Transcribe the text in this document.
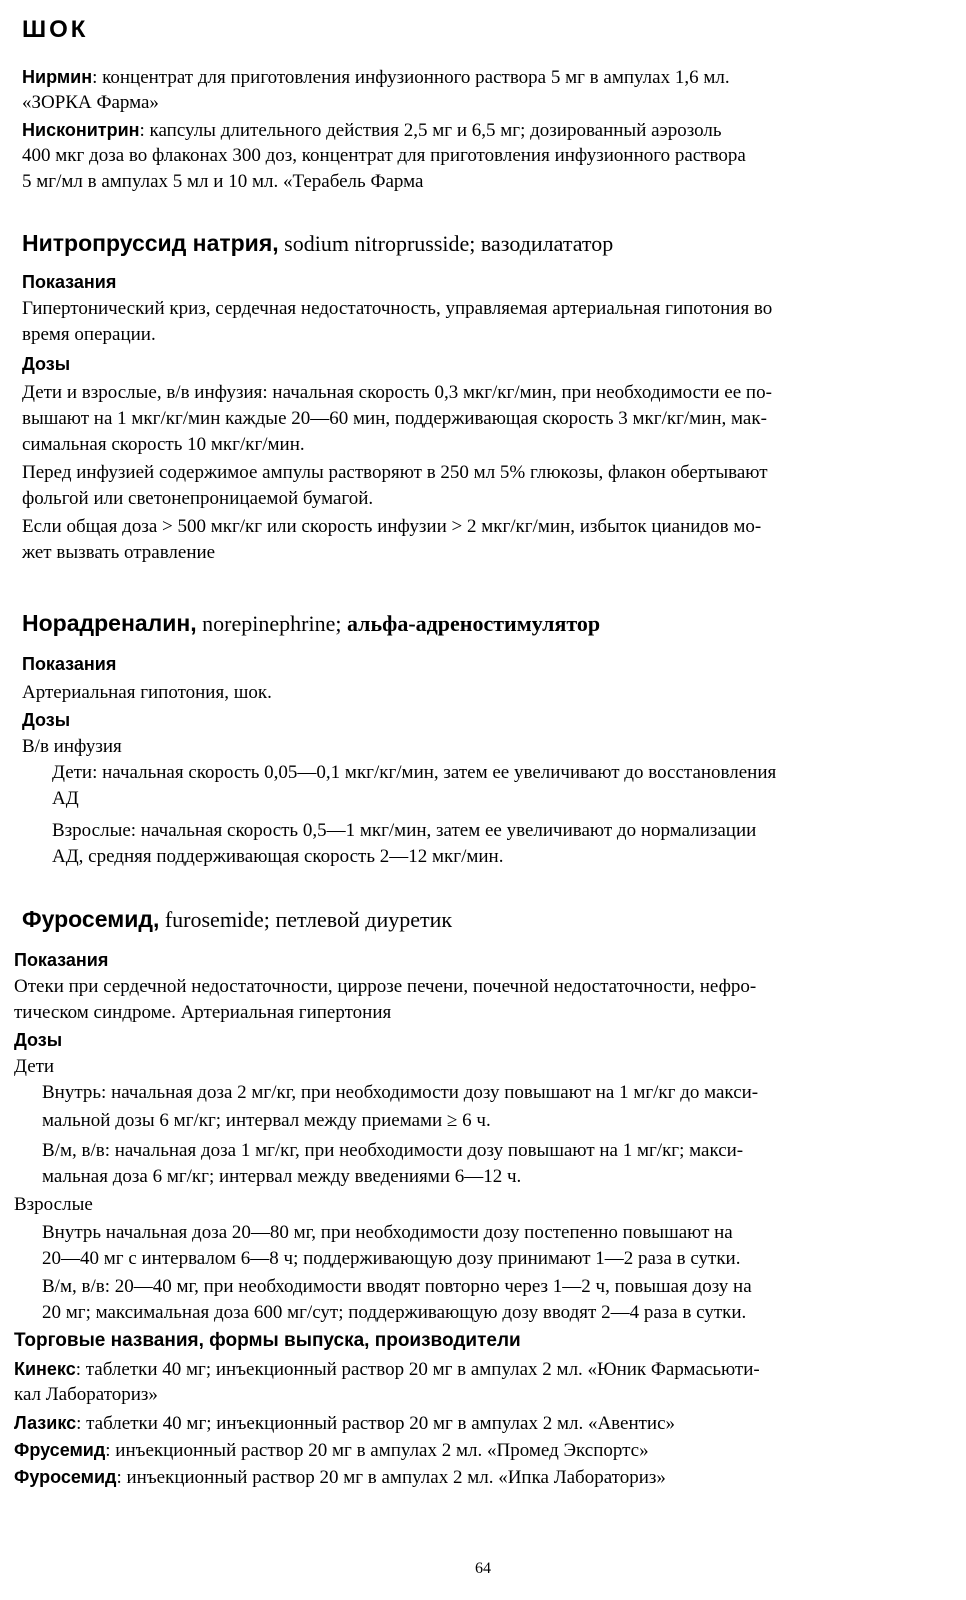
ШОК
Нирмин: концентрат для приготовления инфузионного раствора 5 мг в ампулах 1,6 мл.
«ЗОРКА Фарма»
Нисконитрин: капсулы длительного действия 2,5 мг и 6,5 мг; дозированный аэрозоль
400 мкг доза во флаконах 300 доз, концентрат для приготовления инфузионного раствора
5 мг/мл в ампулах 5 мл и 10 мл. «Терабель Фарма
Нитропруссид натрия, sodium nitroprusside; вазодилататор
Показания
Гипертонический криз, сердечная недостаточность, управляемая артериальная гипотония во
время операции.
Дозы
Дети и взрослые, в/в инфузия: начальная скорость 0,3 мкг/кг/мин, при необходимости ее по-
вышают на 1 мкг/кг/мин каждые 20—60 мин, поддерживающая скорость 3 мкг/кг/мин, мак-
симальная скорость 10 мкг/кг/мин.
Перед инфузией содержимое ампулы растворяют в 250 мл 5% глюкозы, флакон обертывают
фольгой или светонепроницаемой бумагой.
Если общая доза > 500 мкг/кг или скорость инфузии > 2 мкг/кг/мин, избыток цианидов мо-
жет вызвать отравление
Норадреналин, norepinephrine; альфа-адреностимулятор
Показания
Артериальная гипотония, шок.
Дозы
В/в инфузия
Дети: начальная скорость 0,05—0,1 мкг/кг/мин, затем ее увеличивают до восстановления
АД
Взрослые: начальная скорость 0,5—1 мкг/мин, затем ее увеличивают до нормализации
АД, средняя поддерживающая скорость 2—12 мкг/мин.
Фуросемид, furosemide; петлевой диуретик
Показания
Отеки при сердечной недостаточности, циррозе печени, почечной недостаточности, нефро-
тическом синдроме. Артериальная гипертония
Дозы
Дети
Внутрь: начальная доза 2 мг/кг, при необходимости дозу повышают на 1 мг/кг до макси-
мальной дозы 6 мг/кг; интервал между приемами ≥ 6 ч.
В/м, в/в: начальная доза 1 мг/кг, при необходимости дозу повышают на 1 мг/кг; макси-
мальная доза 6 мг/кг; интервал между введениями 6—12 ч.
Взрослые
Внутрь начальная доза 20—80 мг, при необходимости дозу постепенно повышают на
20—40 мг с интервалом 6—8 ч; поддерживающую дозу принимают 1—2 раза в сутки.
В/м, в/в: 20—40 мг, при необходимости вводят повторно через 1—2 ч, повышая дозу на
20 мг; максимальная доза 600 мг/сут; поддерживающую дозу вводят 2—4 раза в сутки.
Торговые названия, формы выпуска, производители
Кинекс: таблетки 40 мг; инъекционный раствор 20 мг в ампулах 2 мл. «Юник Фармасьюти-
кал Лабораториз»
Лазикс: таблетки 40 мг; инъекционный раствор 20 мг в ампулах 2 мл. «Авентис»
Фрусемид: инъекционный раствор 20 мг в ампулах 2 мл. «Промед Экспортс»
Фуросемид: инъекционный раствор 20 мг в ампулах 2 мл. «Ипка Лабораториз»
64
